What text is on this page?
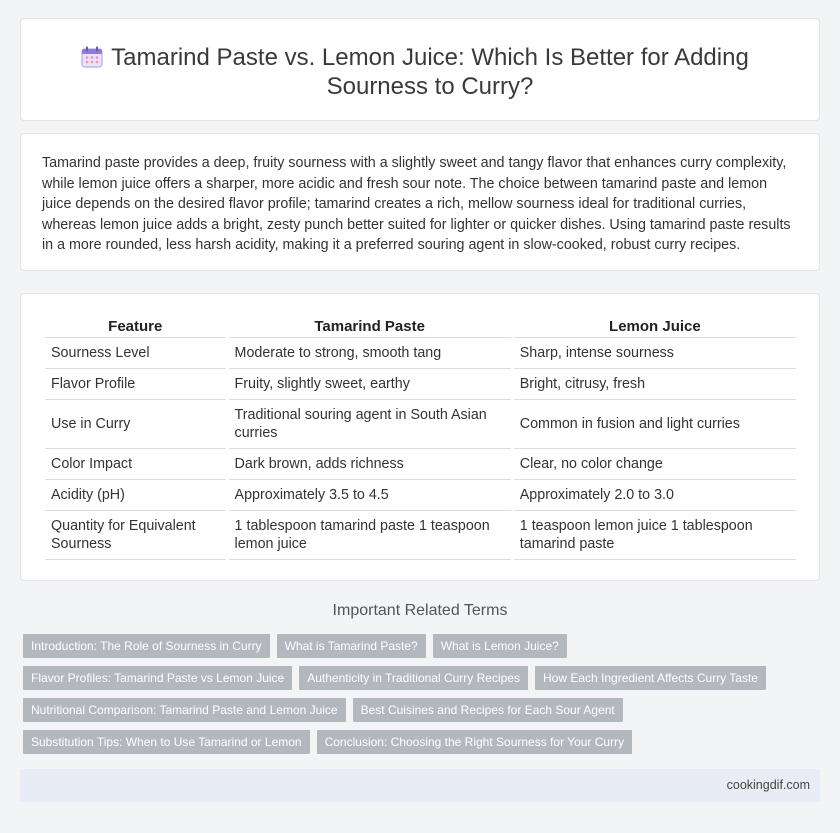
Tamarind Paste vs. Lemon Juice: Which Is Better for Adding Sourness to Curry?

Tamarind paste provides a deep, fruity sourness with a slightly sweet and tangy flavor that enhances curry complexity, while lemon juice offers a sharper, more acidic and fresh sour note. The choice between tamarind paste and lemon juice depends on the desired flavor profile; tamarind creates a rich, mellow sourness ideal for traditional curries, whereas lemon juice adds a bright, zesty punch better suited for lighter or quicker dishes. Using tamarind paste results in a more rounded, less harsh acidity, making it a preferred souring agent in slow-cooked, robust curry recipes.

Feature	Tamarind Paste	Lemon Juice
Sourness Level	Moderate to strong, smooth tang	Sharp, intense sourness
Flavor Profile	Fruity, slightly sweet, earthy	Bright, citrusy, fresh
Use in Curry	Traditional souring agent in South Asian curries	Common in fusion and light curries
Color Impact	Dark brown, adds richness	Clear, no color change
Acidity (pH)	Approximately 3.5 to 4.5	Approximately 2.0 to 3.0
Quantity for Equivalent Sourness	1 tablespoon tamarind paste 1 teaspoon lemon juice	1 teaspoon lemon juice 1 tablespoon tamarind paste
Important Related Terms
Introduction: The Role of Sourness in Curry	What is Tamarind Paste?	What is Lemon Juice?
Flavor Profiles: Tamarind Paste vs Lemon Juice	Authenticity in Traditional Curry Recipes	How Each Ingredient Affects Curry Taste
Nutritional Comparison: Tamarind Paste and Lemon Juice	Best Cuisines and Recipes for Each Sour Agent
Substitution Tips: When to Use Tamarind or Lemon	Conclusion: Choosing the Right Sourness for Your Curry
cookingdif.com
